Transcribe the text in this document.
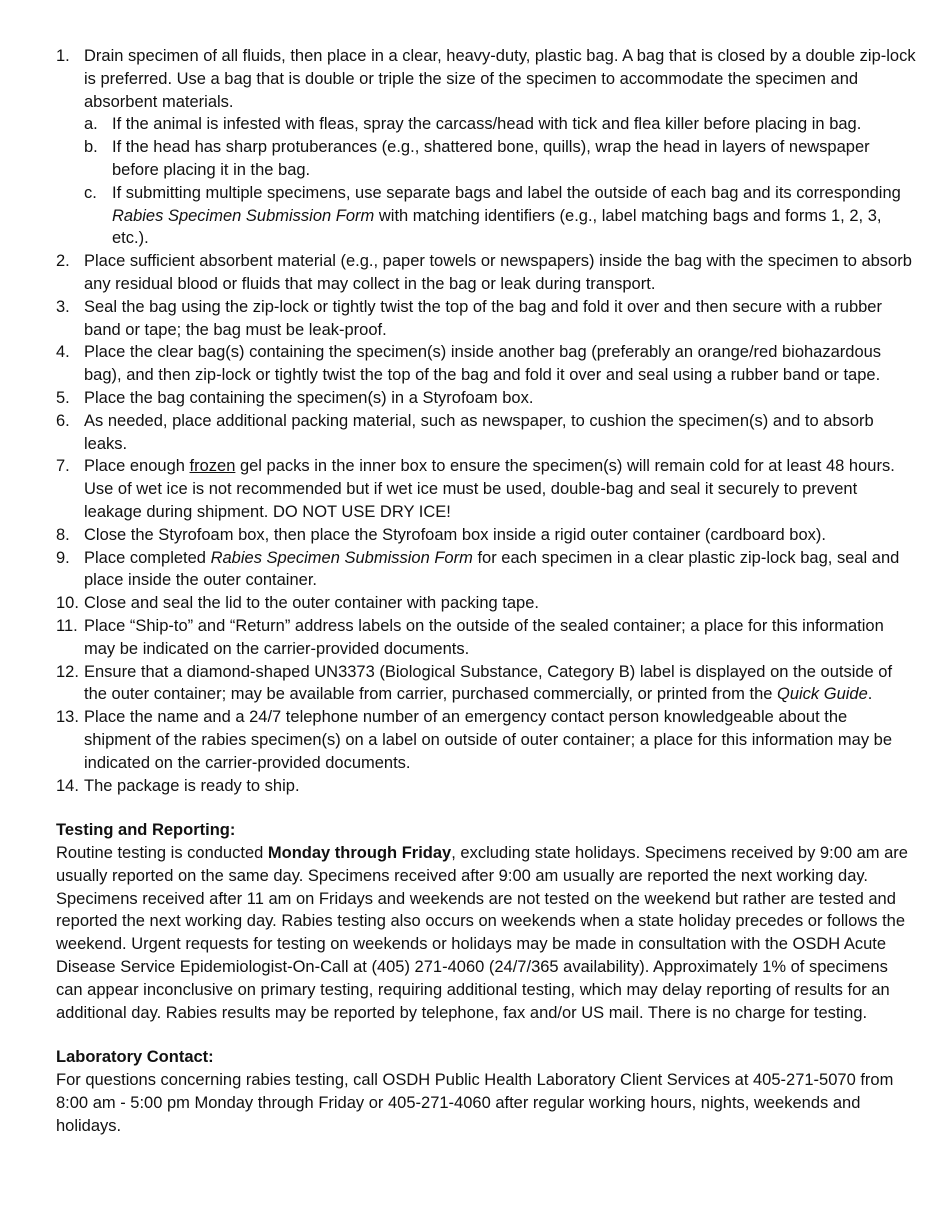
1. Drain specimen of all fluids, then place in a clear, heavy-duty, plastic bag. A bag that is closed by a double zip-lock is preferred. Use a bag that is double or triple the size of the specimen to accommodate the specimen and absorbent materials.
a. If the animal is infested with fleas, spray the carcass/head with tick and flea killer before placing in bag.
b. If the head has sharp protuberances (e.g., shattered bone, quills), wrap the head in layers of newspaper before placing it in the bag.
c. If submitting multiple specimens, use separate bags and label the outside of each bag and its corresponding Rabies Specimen Submission Form with matching identifiers (e.g., label matching bags and forms 1, 2, 3, etc.).
2. Place sufficient absorbent material (e.g., paper towels or newspapers) inside the bag with the specimen to absorb any residual blood or fluids that may collect in the bag or leak during transport.
3. Seal the bag using the zip-lock or tightly twist the top of the bag and fold it over and then secure with a rubber band or tape; the bag must be leak-proof.
4. Place the clear bag(s) containing the specimen(s) inside another bag (preferably an orange/red biohazardous bag), and then zip-lock or tightly twist the top of the bag and fold it over and seal using a rubber band or tape.
5. Place the bag containing the specimen(s) in a Styrofoam box.
6. As needed, place additional packing material, such as newspaper, to cushion the specimen(s) and to absorb leaks.
7. Place enough frozen gel packs in the inner box to ensure the specimen(s) will remain cold for at least 48 hours. Use of wet ice is not recommended but if wet ice must be used, double-bag and seal it securely to prevent leakage during shipment. DO NOT USE DRY ICE!
8. Close the Styrofoam box, then place the Styrofoam box inside a rigid outer container (cardboard box).
9. Place completed Rabies Specimen Submission Form for each specimen in a clear plastic zip-lock bag, seal and place inside the outer container.
10. Close and seal the lid to the outer container with packing tape.
11. Place “Ship-to” and “Return” address labels on the outside of the sealed container; a place for this information may be indicated on the carrier-provided documents.
12. Ensure that a diamond-shaped UN3373 (Biological Substance, Category B) label is displayed on the outside of the outer container; may be available from carrier, purchased commercially, or printed from the Quick Guide.
13. Place the name and a 24/7 telephone number of an emergency contact person knowledgeable about the shipment of the rabies specimen(s) on a label on outside of outer container; a place for this information may be indicated on the carrier-provided documents.
14. The package is ready to ship.
Testing and Reporting:

Routine testing is conducted Monday through Friday, excluding state holidays. Specimens received by 9:00 am are usually reported on the same day. Specimens received after 9:00 am usually are reported the next working day. Specimens received after 11 am on Fridays and weekends are not tested on the weekend but rather are tested and reported the next working day. Rabies testing also occurs on weekends when a state holiday precedes or follows the weekend. Urgent requests for testing on weekends or holidays may be made in consultation with the OSDH Acute Disease Service Epidemiologist-On-Call at (405) 271-4060 (24/7/365 availability). Approximately 1% of specimens can appear inconclusive on primary testing, requiring additional testing, which may delay reporting of results for an additional day. Rabies results may be reported by telephone, fax and/or US mail. There is no charge for testing.

Laboratory Contact:

For questions concerning rabies testing, call OSDH Public Health Laboratory Client Services at 405-271-5070 from 8:00 am - 5:00 pm Monday through Friday or 405-271-4060 after regular working hours, nights, weekends and holidays.
